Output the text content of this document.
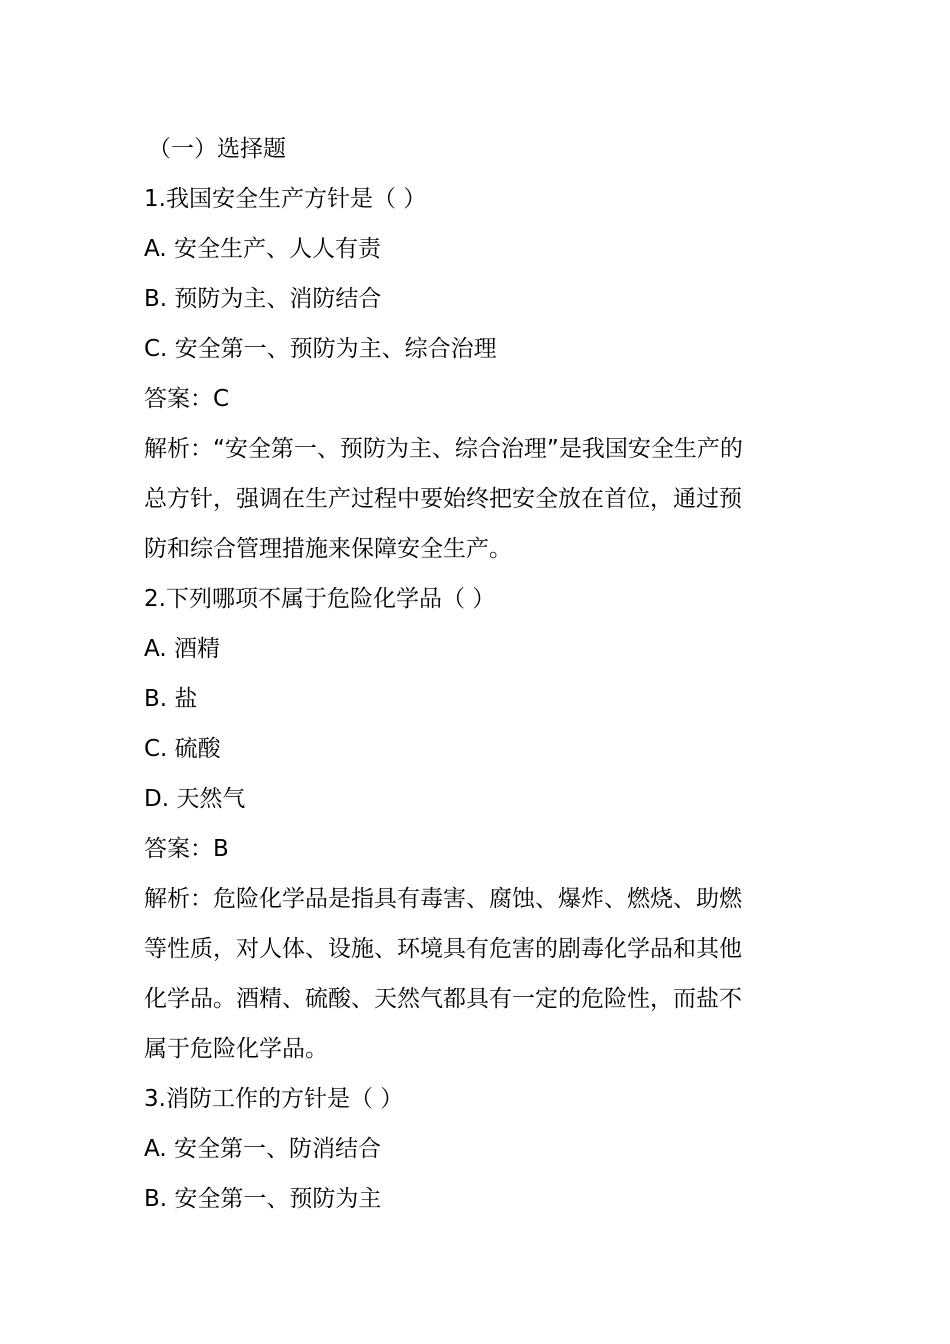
（一）选择题
1.我国安全生产方针是（ ）
A. 安全生产、人人有责
B. 预防为主、消防结合
C. 安全第一、预防为主、综合治理
答案：C
解析：“安全第一、预防为主、综合治理”是我国安全生产的
总方针，强调在生产过程中要始终把安全放在首位，通过预
防和综合管理措施来保障安全生产。
2.下列哪项不属于危险化学品（ ）
A. 酒精
B. 盐
C. 硫酸
D. 天然气
答案：B
解析：危险化学品是指具有毒害、腐蚀、爆炸、燃烧、助燃
等性质，对人体、设施、环境具有危害的剧毒化学品和其他
化学品。酒精、硫酸、天然气都具有一定的危险性，而盐不
属于危险化学品。
3.消防工作的方针是（ ）
A. 安全第一、防消结合
B. 安全第一、预防为主
